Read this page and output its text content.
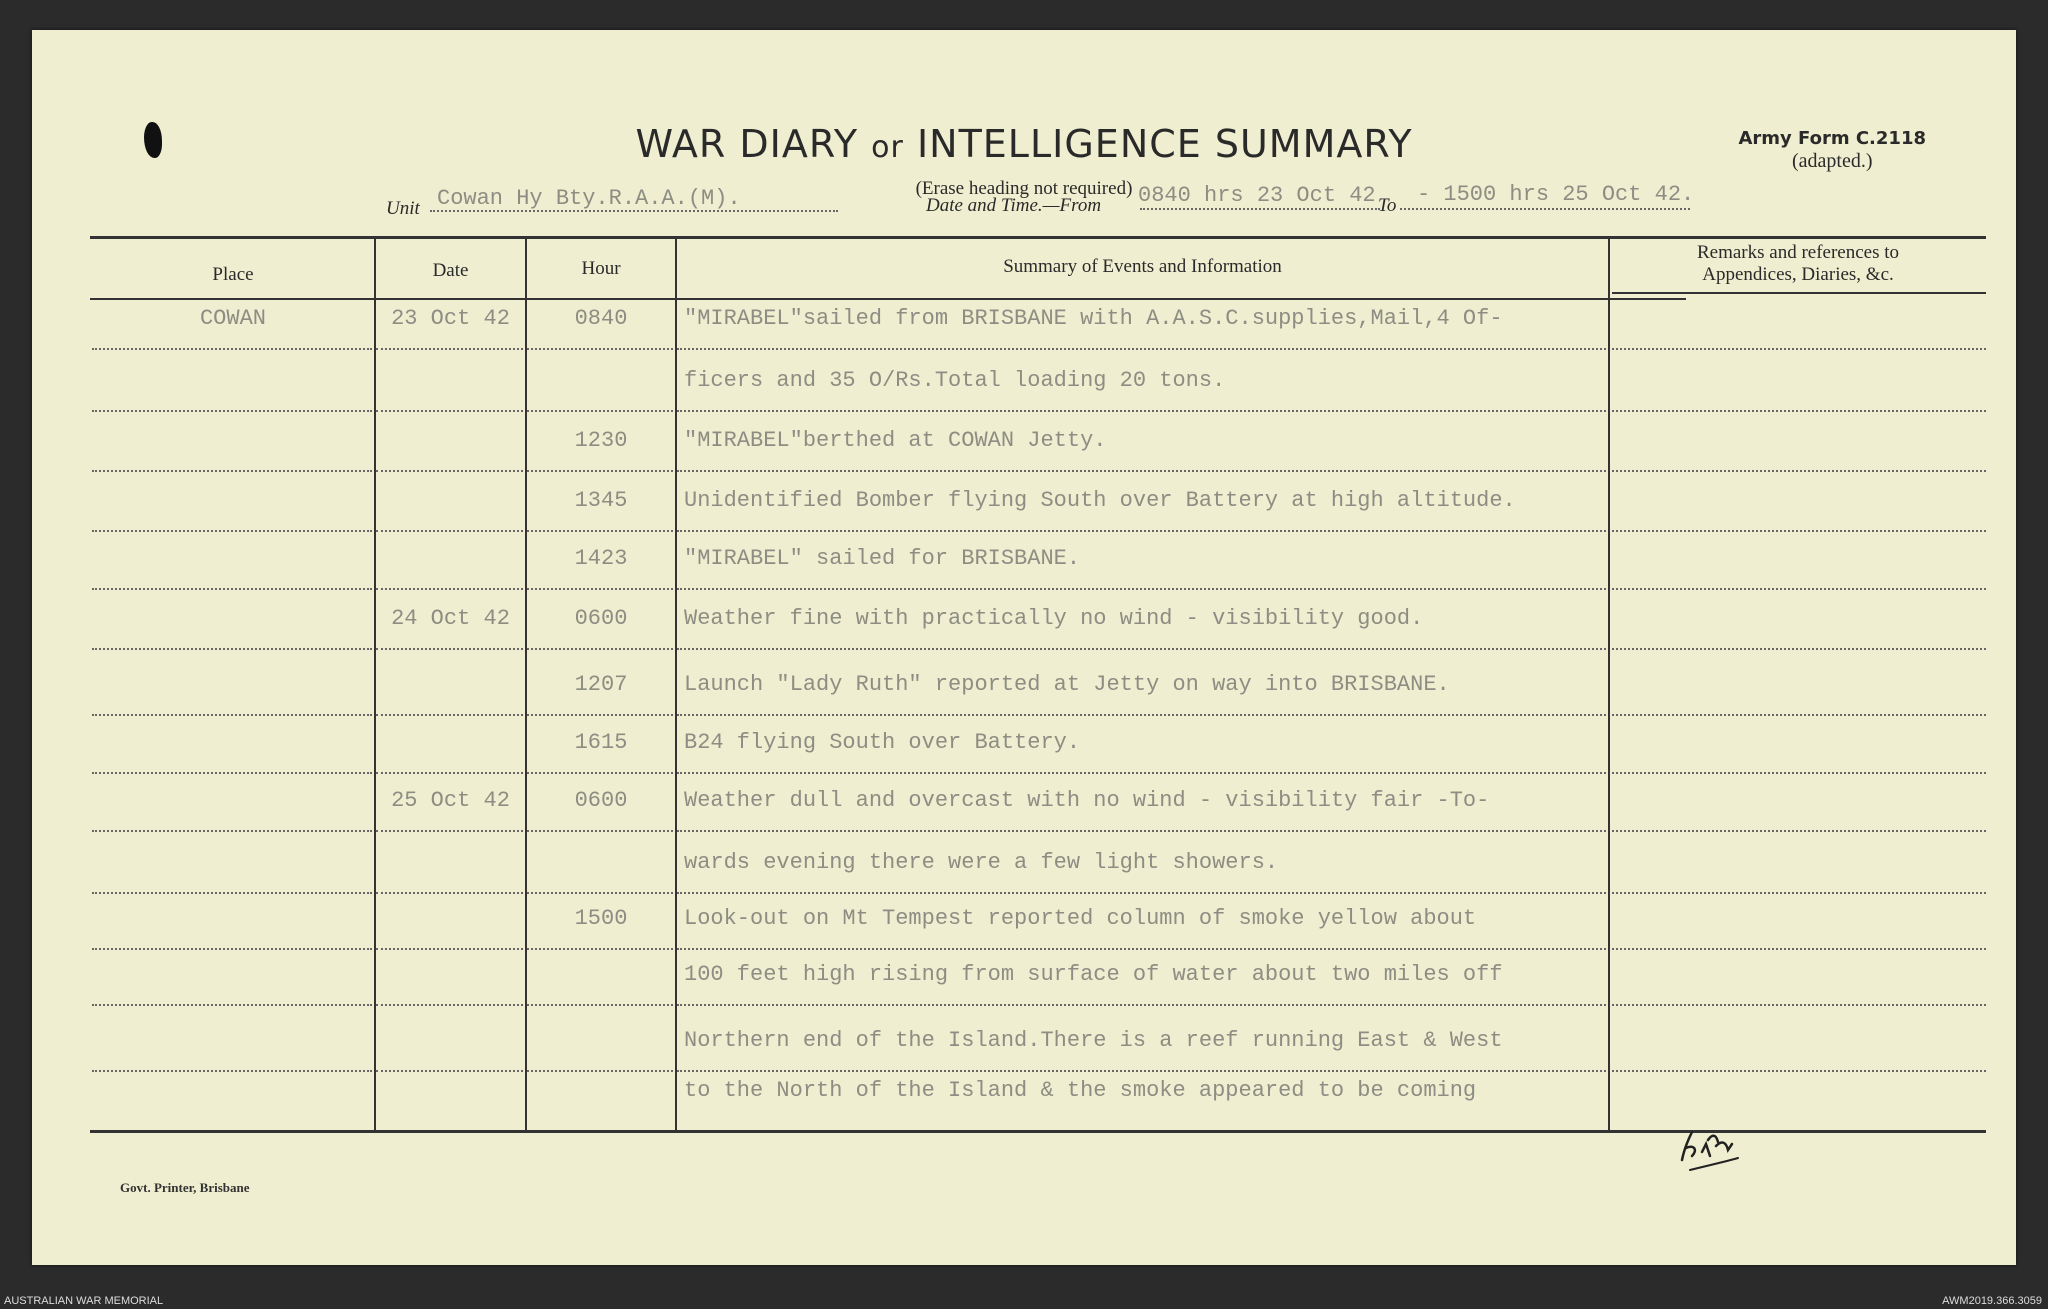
WAR DIARY or INTELLIGENCE SUMMARY
(Erase heading not required)
Army Form C.2118
(adapted.)
Unit Cowan Hy Bty.R.A.A.(M).	Date and Time.—From 0840 hrs 23 Oct 42 To - 1500 hrs 25 Oct 42.
Place	Date	Hour	Summary of Events and Information
Remarks and references to
Appendices, Diaries, &c.
COWAN	23 Oct 42	0840	"MIRABEL"sailed from BRISBANE with A.A.S.C.supplies,Mail,4 Of-
ficers and 35 O/Rs.Total loading 20 tons.
1230	"MIRABEL"berthed at COWAN Jetty.
1345	Unidentified Bomber flying South over Battery at high altitude.
1423	"MIRABEL" sailed for BRISBANE.
24 Oct 42	0600	Weather fine with practically no wind - visibility good.
1207	Launch "Lady Ruth" reported at Jetty on way into BRISBANE.
1615	B24 flying South over Battery.
25 Oct 42	0600	Weather dull and overcast with no wind - visibility fair -To-
wards evening there were a few light showers.
1500	Look-out on Mt Tempest reported column of smoke yellow about
100 feet high rising from surface of water about two miles off
Northern end of the Island.There is a reef running East & West
to the North of the Island & the smoke appeared to be coming
Govt. Printer, Brisbane
AUSTRALIAN WAR MEMORIAL	AWM2019.366.3059
